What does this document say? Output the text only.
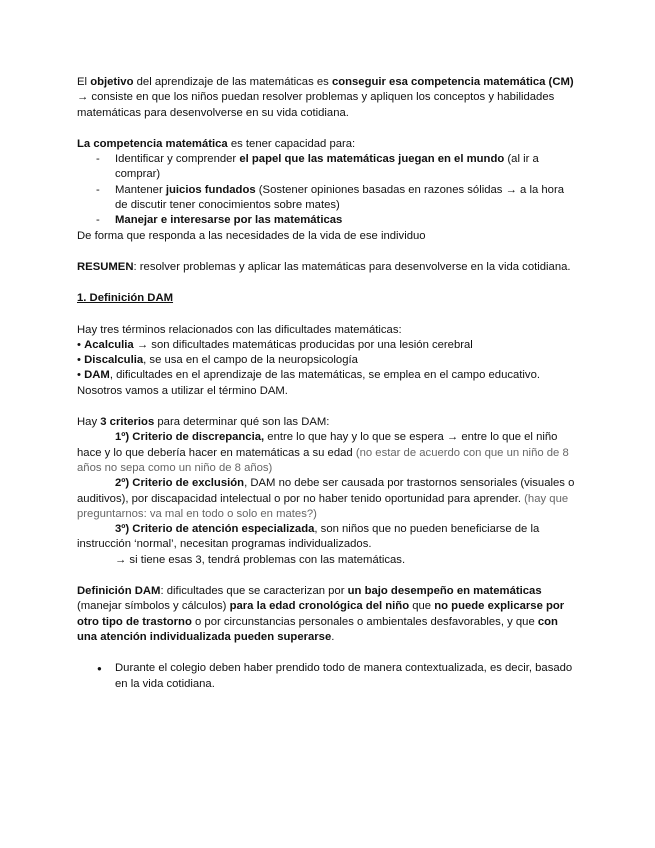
El objetivo del aprendizaje de las matemáticas es conseguir esa competencia matemática (CM) → consiste en que los niños puedan resolver problemas y apliquen los conceptos y habilidades matemáticas para desenvolverse en su vida cotidiana.

La competencia matemática es tener capacidad para:

-	Identificar y comprender el papel que las matemáticas juegan en el mundo (al ir a comprar)
-	Mantener juicios fundados (Sostener opiniones basadas en razones sólidas → a la hora de discutir tener conocimientos sobre mates)
-	Manejar e interesarse por las matemáticas

De forma que responda a las necesidades de la vida de ese individuo

RESUMEN: resolver problemas y aplicar las matemáticas para desenvolverse en la vida cotidiana.

1. Definición DAM

Hay tres términos relacionados con las dificultades matemáticas:

• Acalculia → son dificultades matemáticas producidas por una lesión cerebral

• Discalculia, se usa en el campo de la neuropsicología

• DAM, dificultades en el aprendizaje de las matemáticas, se emplea en el campo educativo. Nosotros vamos a utilizar el término DAM.

Hay 3 criterios para determinar qué son las DAM:

1º) Criterio de discrepancia, entre lo que hay y lo que se espera → entre lo que el niño hace y lo que debería hacer en matemáticas a su edad (no estar de acuerdo con que un niño de 8 años no sepa como un niño de 8 años)

2º) Criterio de exclusión, DAM no debe ser causada por trastornos sensoriales (visuales o auditivos), por discapacidad intelectual o por no haber tenido oportunidad para aprender. (hay que preguntarnos: va mal en todo o solo en mates?)

3º) Criterio de atención especializada, son niños que no pueden beneficiarse de la instrucción ‘normal’, necesitan programas individualizados.

→ si tiene esas 3, tendrá problemas con las matemáticas.

Definición DAM: dificultades que se caracterizan por un bajo desempeño en matemáticas (manejar símbolos y cálculos) para la edad cronológica del niño que no puede explicarse por otro tipo de trastorno o por circunstancias personales o ambientales desfavorables, y que con una atención individualizada pueden superarse.

●	Durante el colegio deben haber prendido todo de manera contextualizada, es decir, basado en la vida cotidiana.
